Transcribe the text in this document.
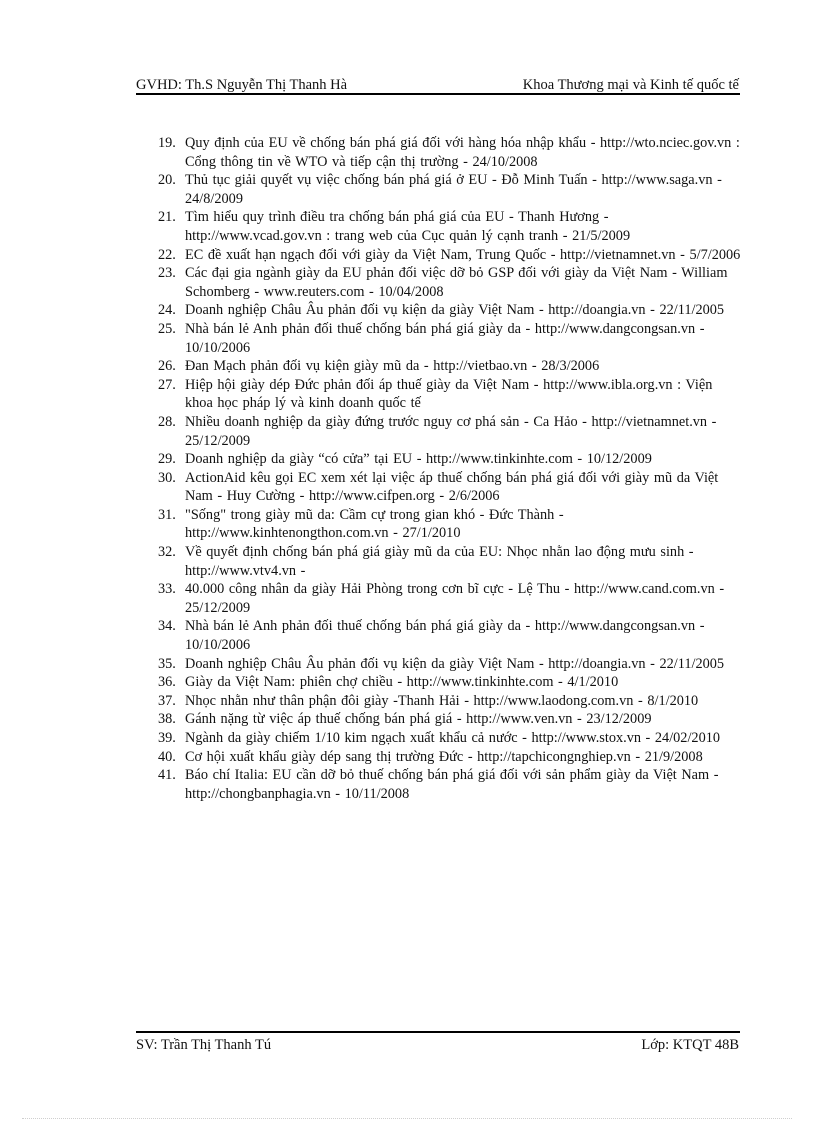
GVHD: Th.S Nguyễn Thị Thanh Hà	Khoa Thương mại và Kinh tế quốc tế
19. Quy định của EU về chống bán phá giá đối với hàng hóa nhập khẩu - http://wto.nciec.gov.vn : Cổng thông tin về WTO và tiếp cận thị trường - 24/10/2008
20. Thủ tục giải quyết vụ việc chống bán phá giá ở EU - Đỗ Minh Tuấn - http://www.saga.vn - 24/8/2009
21. Tìm hiểu quy trình điều tra chống bán phá giá của EU - Thanh Hương - http://www.vcad.gov.vn : trang web của Cục quản lý cạnh tranh - 21/5/2009
22. EC đề xuất hạn ngạch đối với giày da Việt Nam, Trung Quốc - http://vietnamnet.vn - 5/7/2006
23. Các đại gia ngành giày da EU phản đối việc dỡ bỏ GSP đối với giày da Việt Nam - William Schomberg - www.reuters.com - 10/04/2008
24. Doanh nghiệp Châu Âu phản đối vụ kiện da giày Việt Nam - http://doangia.vn - 22/11/2005
25. Nhà bán lẻ Anh phản đối thuế chống bán phá giá giày da - http://www.dangcongsan.vn - 10/10/2006
26. Đan Mạch phản đối vụ kiện giày mũ da - http://vietbao.vn - 28/3/2006
27. Hiệp hội giày dép Đức phản đối áp thuế giày da Việt Nam - http://www.ibla.org.vn : Viện khoa học pháp lý và kinh doanh quốc tế
28. Nhiều doanh nghiệp da giày đứng trước nguy cơ phá sản - Ca Hảo - http://vietnamnet.vn - 25/12/2009
29. Doanh nghiệp da giày “có cửa” tại EU - http://www.tinkinhte.com - 10/12/2009
30. ActionAid kêu gọi EC xem xét lại việc áp thuế chống bán phá giá đối với giày mũ da Việt Nam - Huy Cường - http://www.cifpen.org - 2/6/2006
31. "Sống" trong giày mũ da: Cầm cự trong gian khó - Đức Thành - http://www.kinhtenongthon.com.vn - 27/1/2010
32. Về quyết định chống bán phá giá giày mũ da của EU: Nhọc nhằn lao động mưu sinh - http://www.vtv4.vn -
33. 40.000 công nhân da giày Hải Phòng trong cơn bĩ cực - Lệ Thu - http://www.cand.com.vn - 25/12/2009
34. Nhà bán lẻ Anh phản đối thuế chống bán phá giá giày da - http://www.dangcongsan.vn - 10/10/2006
35. Doanh nghiệp Châu Âu phản đối vụ kiện da giày Việt Nam - http://doangia.vn - 22/11/2005
36. Giày da Việt Nam: phiên chợ chiều - http://www.tinkinhte.com - 4/1/2010
37. Nhọc nhằn như thân phận đôi giày -Thanh Hải - http://www.laodong.com.vn - 8/1/2010
38. Gánh nặng từ việc áp thuế chống bán phá giá - http://www.ven.vn - 23/12/2009
39. Ngành da giày chiếm 1/10 kim ngạch xuất khẩu cả nước - http://www.stox.vn - 24/02/2010
40. Cơ hội xuất khẩu giày dép sang thị trường Đức - http://tapchicongnghiep.vn - 21/9/2008
41. Báo chí Italia: EU cần dỡ bỏ thuế chống bán phá giá đối với sản phẩm giày da Việt Nam - http://chongbanphagia.vn - 10/11/2008
SV: Trần Thị Thanh Tú	Lớp: KTQT 48B
